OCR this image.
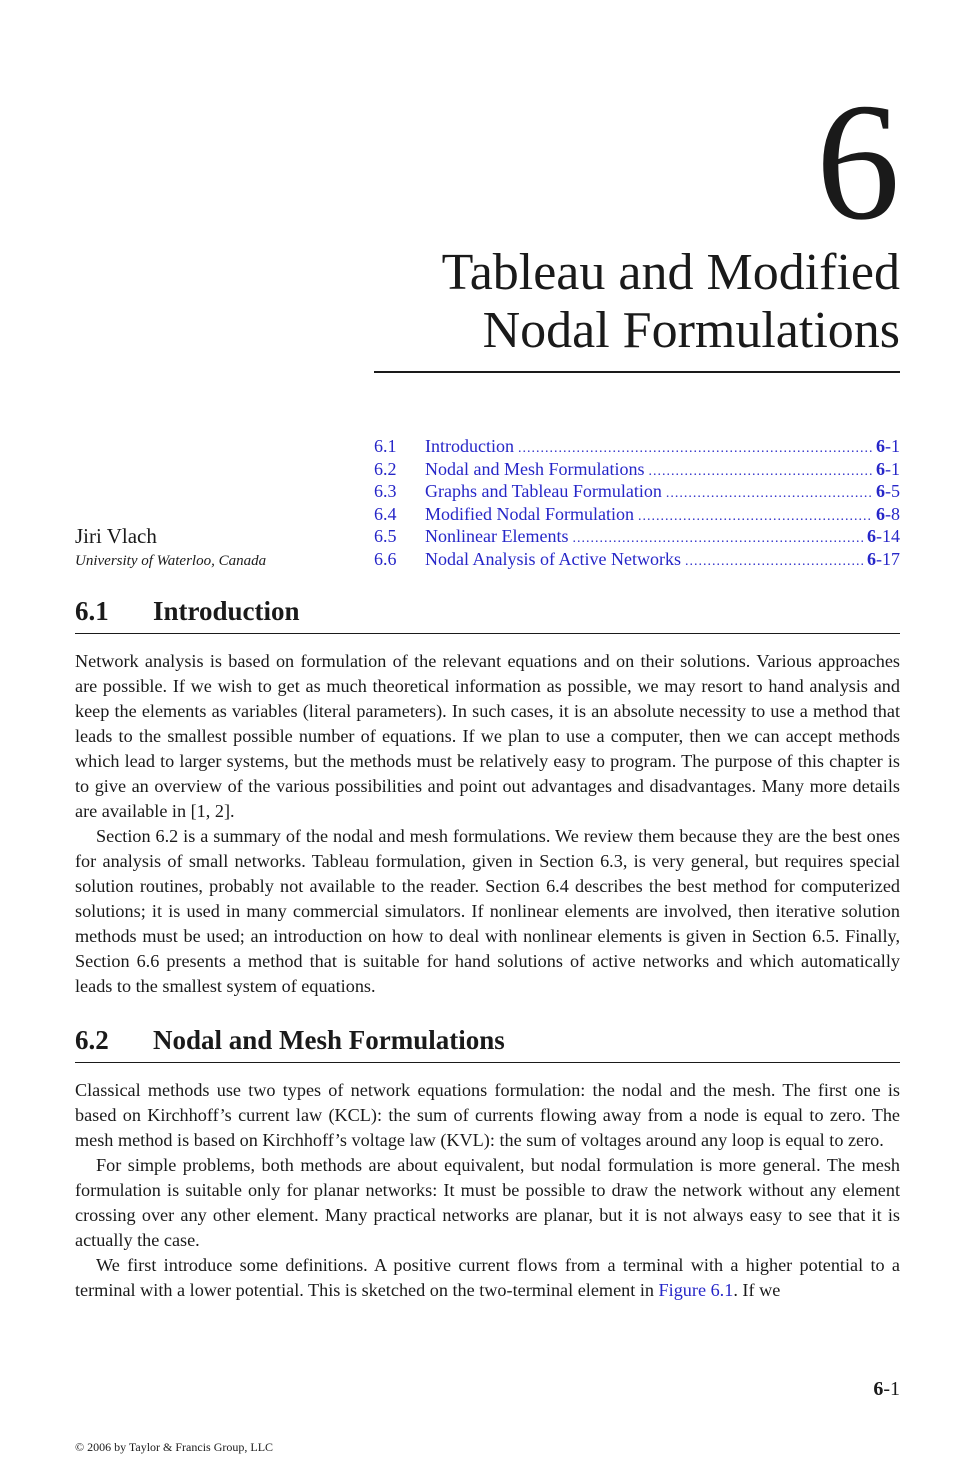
6
Tableau and Modified
Nodal Formulations
6.1	Introduction .....	6-1
6.2	Nodal and Mesh Formulations .....	6-1
6.3	Graphs and Tableau Formulation .....	6-5
6.4	Modified Nodal Formulation .....	6-8
6.5	Nonlinear Elements .....	6-14
6.6	Nodal Analysis of Active Networks .....	6-17
Jiri Vlach
University of Waterloo, Canada
6.1	Introduction

Network analysis is based on formulation of the relevant equations and on their solutions. Various approaches are possible. If we wish to get as much theoretical information as possible, we may resort to hand analysis and keep the elements as variables (literal parameters). In such cases, it is an absolute necessity to use a method that leads to the smallest possible number of equations. If we plan to use a computer, then we can accept methods which lead to larger systems, but the methods must be relatively easy to program. The purpose of this chapter is to give an overview of the various possibilities and point out advantages and disadvantages. Many more details are available in [1, 2].

Section 6.2 is a summary of the nodal and mesh formulations. We review them because they are the best ones for analysis of small networks. Tableau formulation, given in Section 6.3, is very general, but requires special solution routines, probably not available to the reader. Section 6.4 describes the best method for computerized solutions; it is used in many commercial simulators. If nonlinear elements are involved, then iterative solution methods must be used; an introduction on how to deal with nonlinear elements is given in Section 6.5. Finally, Section 6.6 presents a method that is suitable for hand solutions of active networks and which automatically leads to the smallest system of equations.

6.2	Nodal and Mesh Formulations

Classical methods use two types of network equations formulation: the nodal and the mesh. The first one is based on Kirchhoff’s current law (KCL): the sum of currents flowing away from a node is equal to zero. The mesh method is based on Kirchhoff’s voltage law (KVL): the sum of voltages around any loop is equal to zero.

For simple problems, both methods are about equivalent, but nodal formulation is more general. The mesh formulation is suitable only for planar networks: It must be possible to draw the network without any element crossing over any other element. Many practical networks are planar, but it is not always easy to see that it is actually the case.

We first introduce some definitions. A positive current flows from a terminal with a higher potential to a terminal with a lower potential. This is sketched on the two-terminal element in Figure 6.1. If we

6-1
© 2006 by Taylor & Francis Group, LLC
